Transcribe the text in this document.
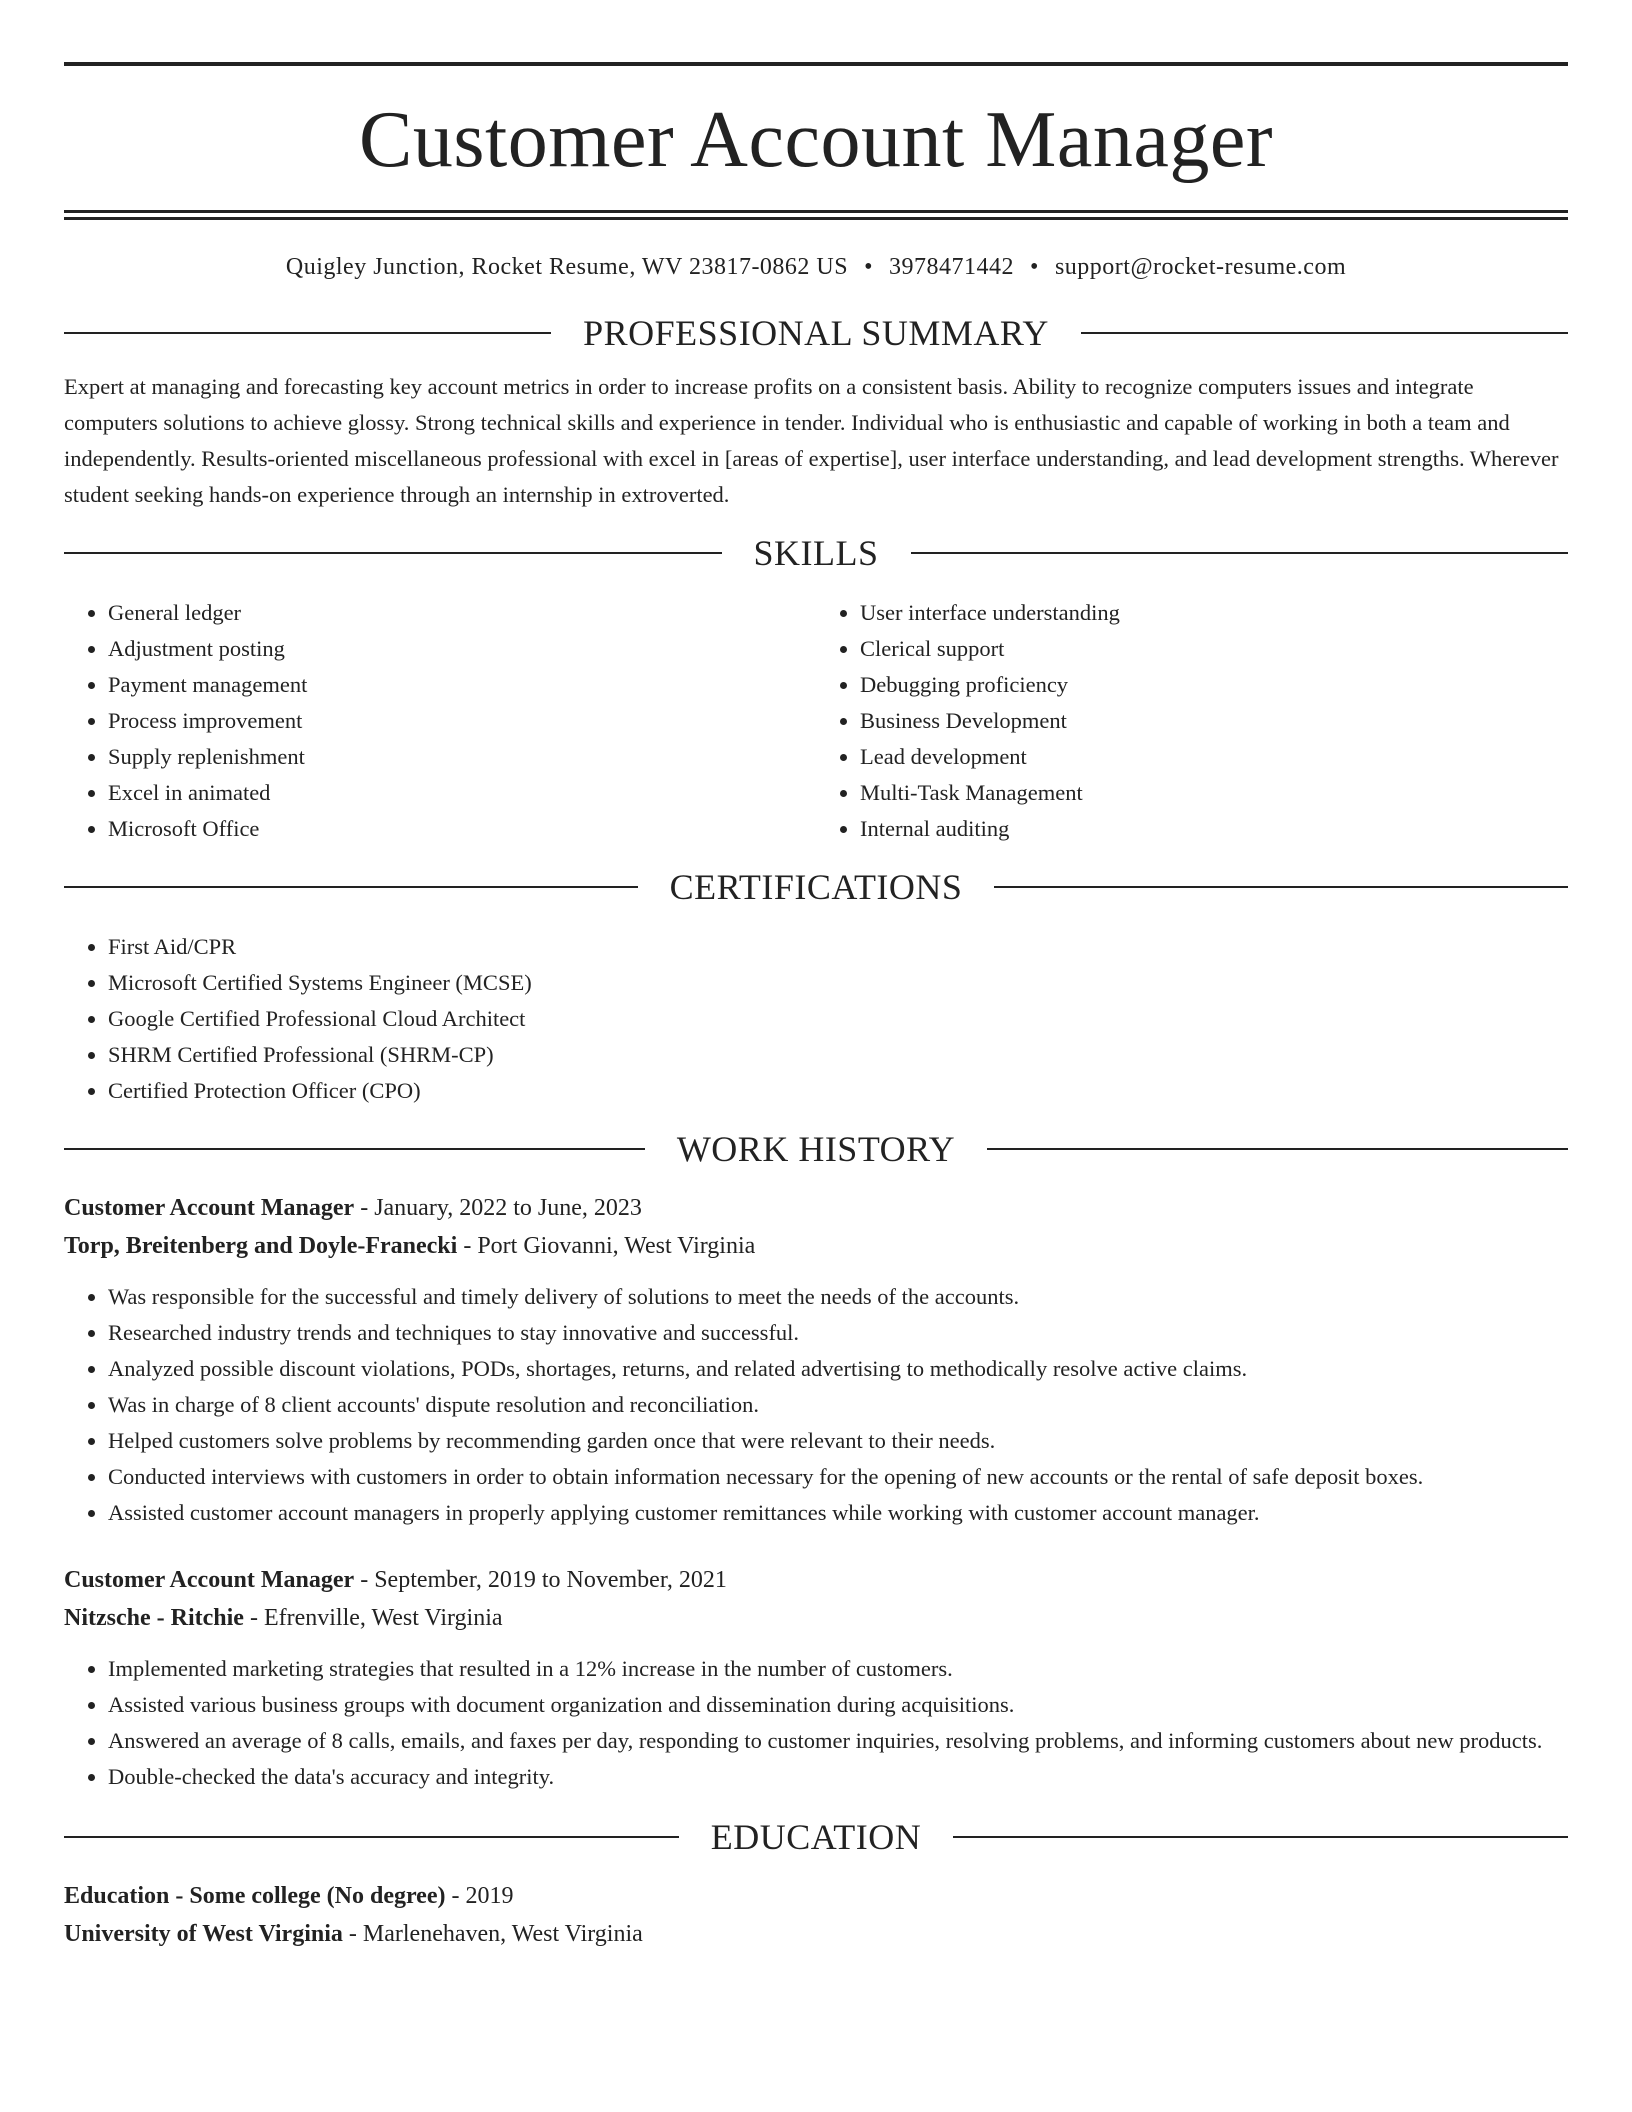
Customer Account Manager
Quigley Junction, Rocket Resume, WV 23817-0862 US • 3978471442 • support@rocket-resume.com
PROFESSIONAL SUMMARY
Expert at managing and forecasting key account metrics in order to increase profits on a consistent basis. Ability to recognize computers issues and integrate computers solutions to achieve glossy. Strong technical skills and experience in tender. Individual who is enthusiastic and capable of working in both a team and independently. Results-oriented miscellaneous professional with excel in [areas of expertise], user interface understanding, and lead development strengths. Wherever student seeking hands-on experience through an internship in extroverted.
SKILLS
• General ledger
• Adjustment posting
• Payment management
• Process improvement
• Supply replenishment
• Excel in animated
• Microsoft Office
• User interface understanding
• Clerical support
• Debugging proficiency
• Business Development
• Lead development
• Multi-Task Management
• Internal auditing
CERTIFICATIONS
• First Aid/CPR
• Microsoft Certified Systems Engineer (MCSE)
• Google Certified Professional Cloud Architect
• SHRM Certified Professional (SHRM-CP)
• Certified Protection Officer (CPO)
WORK HISTORY
Customer Account Manager - January, 2022 to June, 2023
Torp, Breitenberg and Doyle-Franecki - Port Giovanni, West Virginia
• Was responsible for the successful and timely delivery of solutions to meet the needs of the accounts.
• Researched industry trends and techniques to stay innovative and successful.
• Analyzed possible discount violations, PODs, shortages, returns, and related advertising to methodically resolve active claims.
• Was in charge of 8 client accounts' dispute resolution and reconciliation.
• Helped customers solve problems by recommending garden once that were relevant to their needs.
• Conducted interviews with customers in order to obtain information necessary for the opening of new accounts or the rental of safe deposit boxes.
• Assisted customer account managers in properly applying customer remittances while working with customer account manager.
Customer Account Manager - September, 2019 to November, 2021
Nitzsche - Ritchie - Efrenville, West Virginia
• Implemented marketing strategies that resulted in a 12% increase in the number of customers.
• Assisted various business groups with document organization and dissemination during acquisitions.
• Answered an average of 8 calls, emails, and faxes per day, responding to customer inquiries, resolving problems, and informing customers about new products.
• Double-checked the data's accuracy and integrity.
EDUCATION
Education - Some college (No degree) - 2019
University of West Virginia - Marlenehaven, West Virginia
